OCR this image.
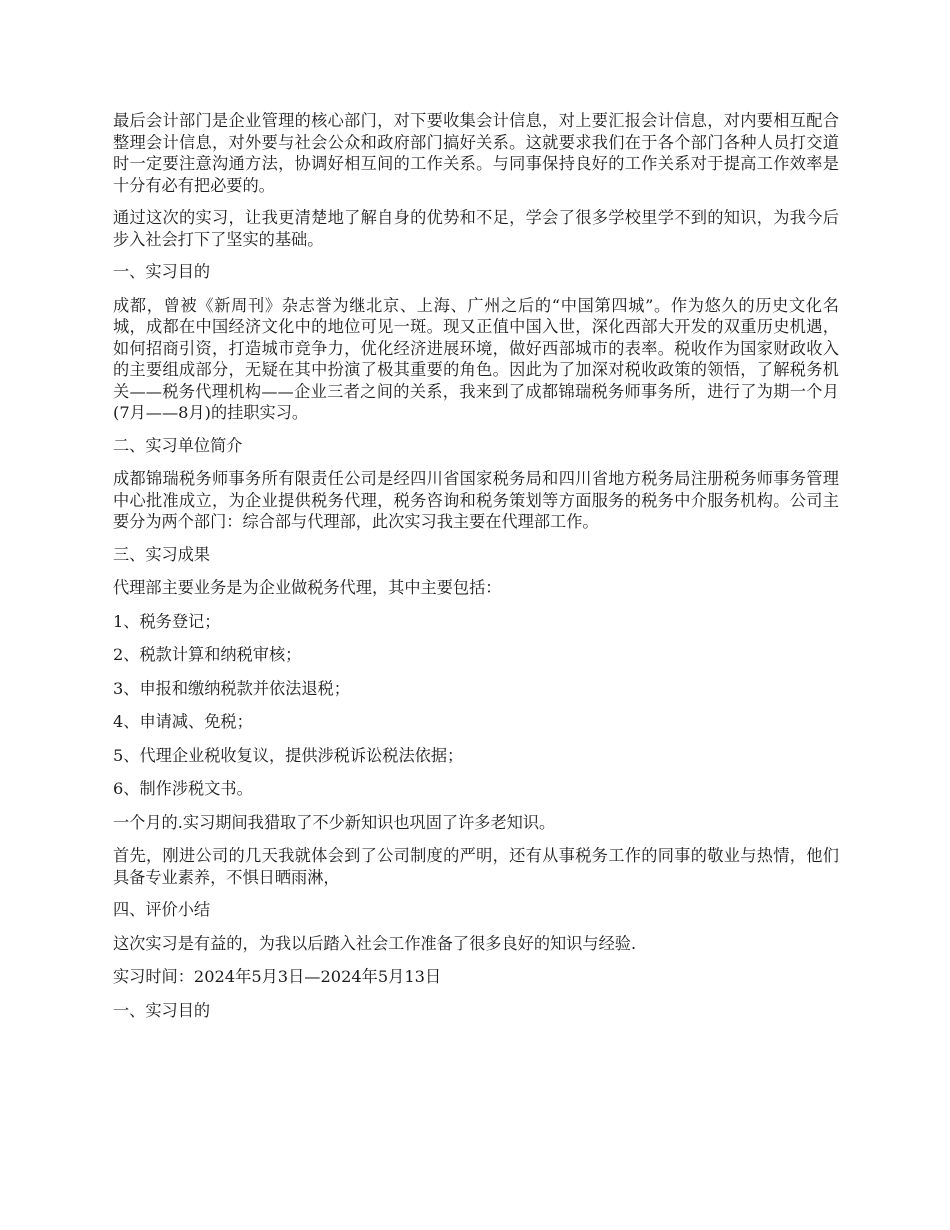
最后会计部门是企业管理的核心部门，对下要收集会计信息，对上要汇报会计信息，对内要相互配合整理会计信息，对外要与社会公众和政府部门搞好关系。这就要求我们在于各个部门各种人员打交道时一定要注意沟通方法，协调好相互间的工作关系。与同事保持良好的工作关系对于提高工作效率是十分有必有把必要的。

通过这次的实习，让我更清楚地了解自身的优势和不足，学会了很多学校里学不到的知识，为我今后步入社会打下了坚实的基础。

一、实习目的

成都，曾被《新周刊》杂志誉为继北京、上海、广州之后的“中国第四城”。作为悠久的历史文化名城，成都在中国经济文化中的地位可见一斑。现又正值中国入世，深化西部大开发的双重历史机遇，如何招商引资，打造城市竞争力，优化经济进展环境，做好西部城市的表率。税收作为国家财政收入的主要组成部分，无疑在其中扮演了极其重要的角色。因此为了加深对税收政策的领悟，了解税务机关——税务代理机构——企业三者之间的关系，我来到了成都锦瑞税务师事务所，进行了为期一个月(7月——8月)的挂职实习。

二、实习单位简介

成都锦瑞税务师事务所有限责任公司是经四川省国家税务局和四川省地方税务局注册税务师事务管理中心批准成立，为企业提供税务代理，税务咨询和税务策划等方面服务的税务中介服务机构。公司主要分为两个部门：综合部与代理部，此次实习我主要在代理部工作。

三、实习成果

代理部主要业务是为企业做税务代理，其中主要包括：

1、税务登记；

2、税款计算和纳税审核；

3、申报和缴纳税款并依法退税；

4、申请减、免税；

5、代理企业税收复议，提供涉税诉讼税法依据；

6、制作涉税文书。

一个月的.实习期间我猎取了不少新知识也巩固了许多老知识。

首先，刚进公司的几天我就体会到了公司制度的严明，还有从事税务工作的同事的敬业与热情，他们具备专业素养，不惧日晒雨淋，

四、评价小结

这次实习是有益的，为我以后踏入社会工作准备了很多良好的知识与经验.

实习时间：2024年5月3日—2024年5月13日

一、实习目的
